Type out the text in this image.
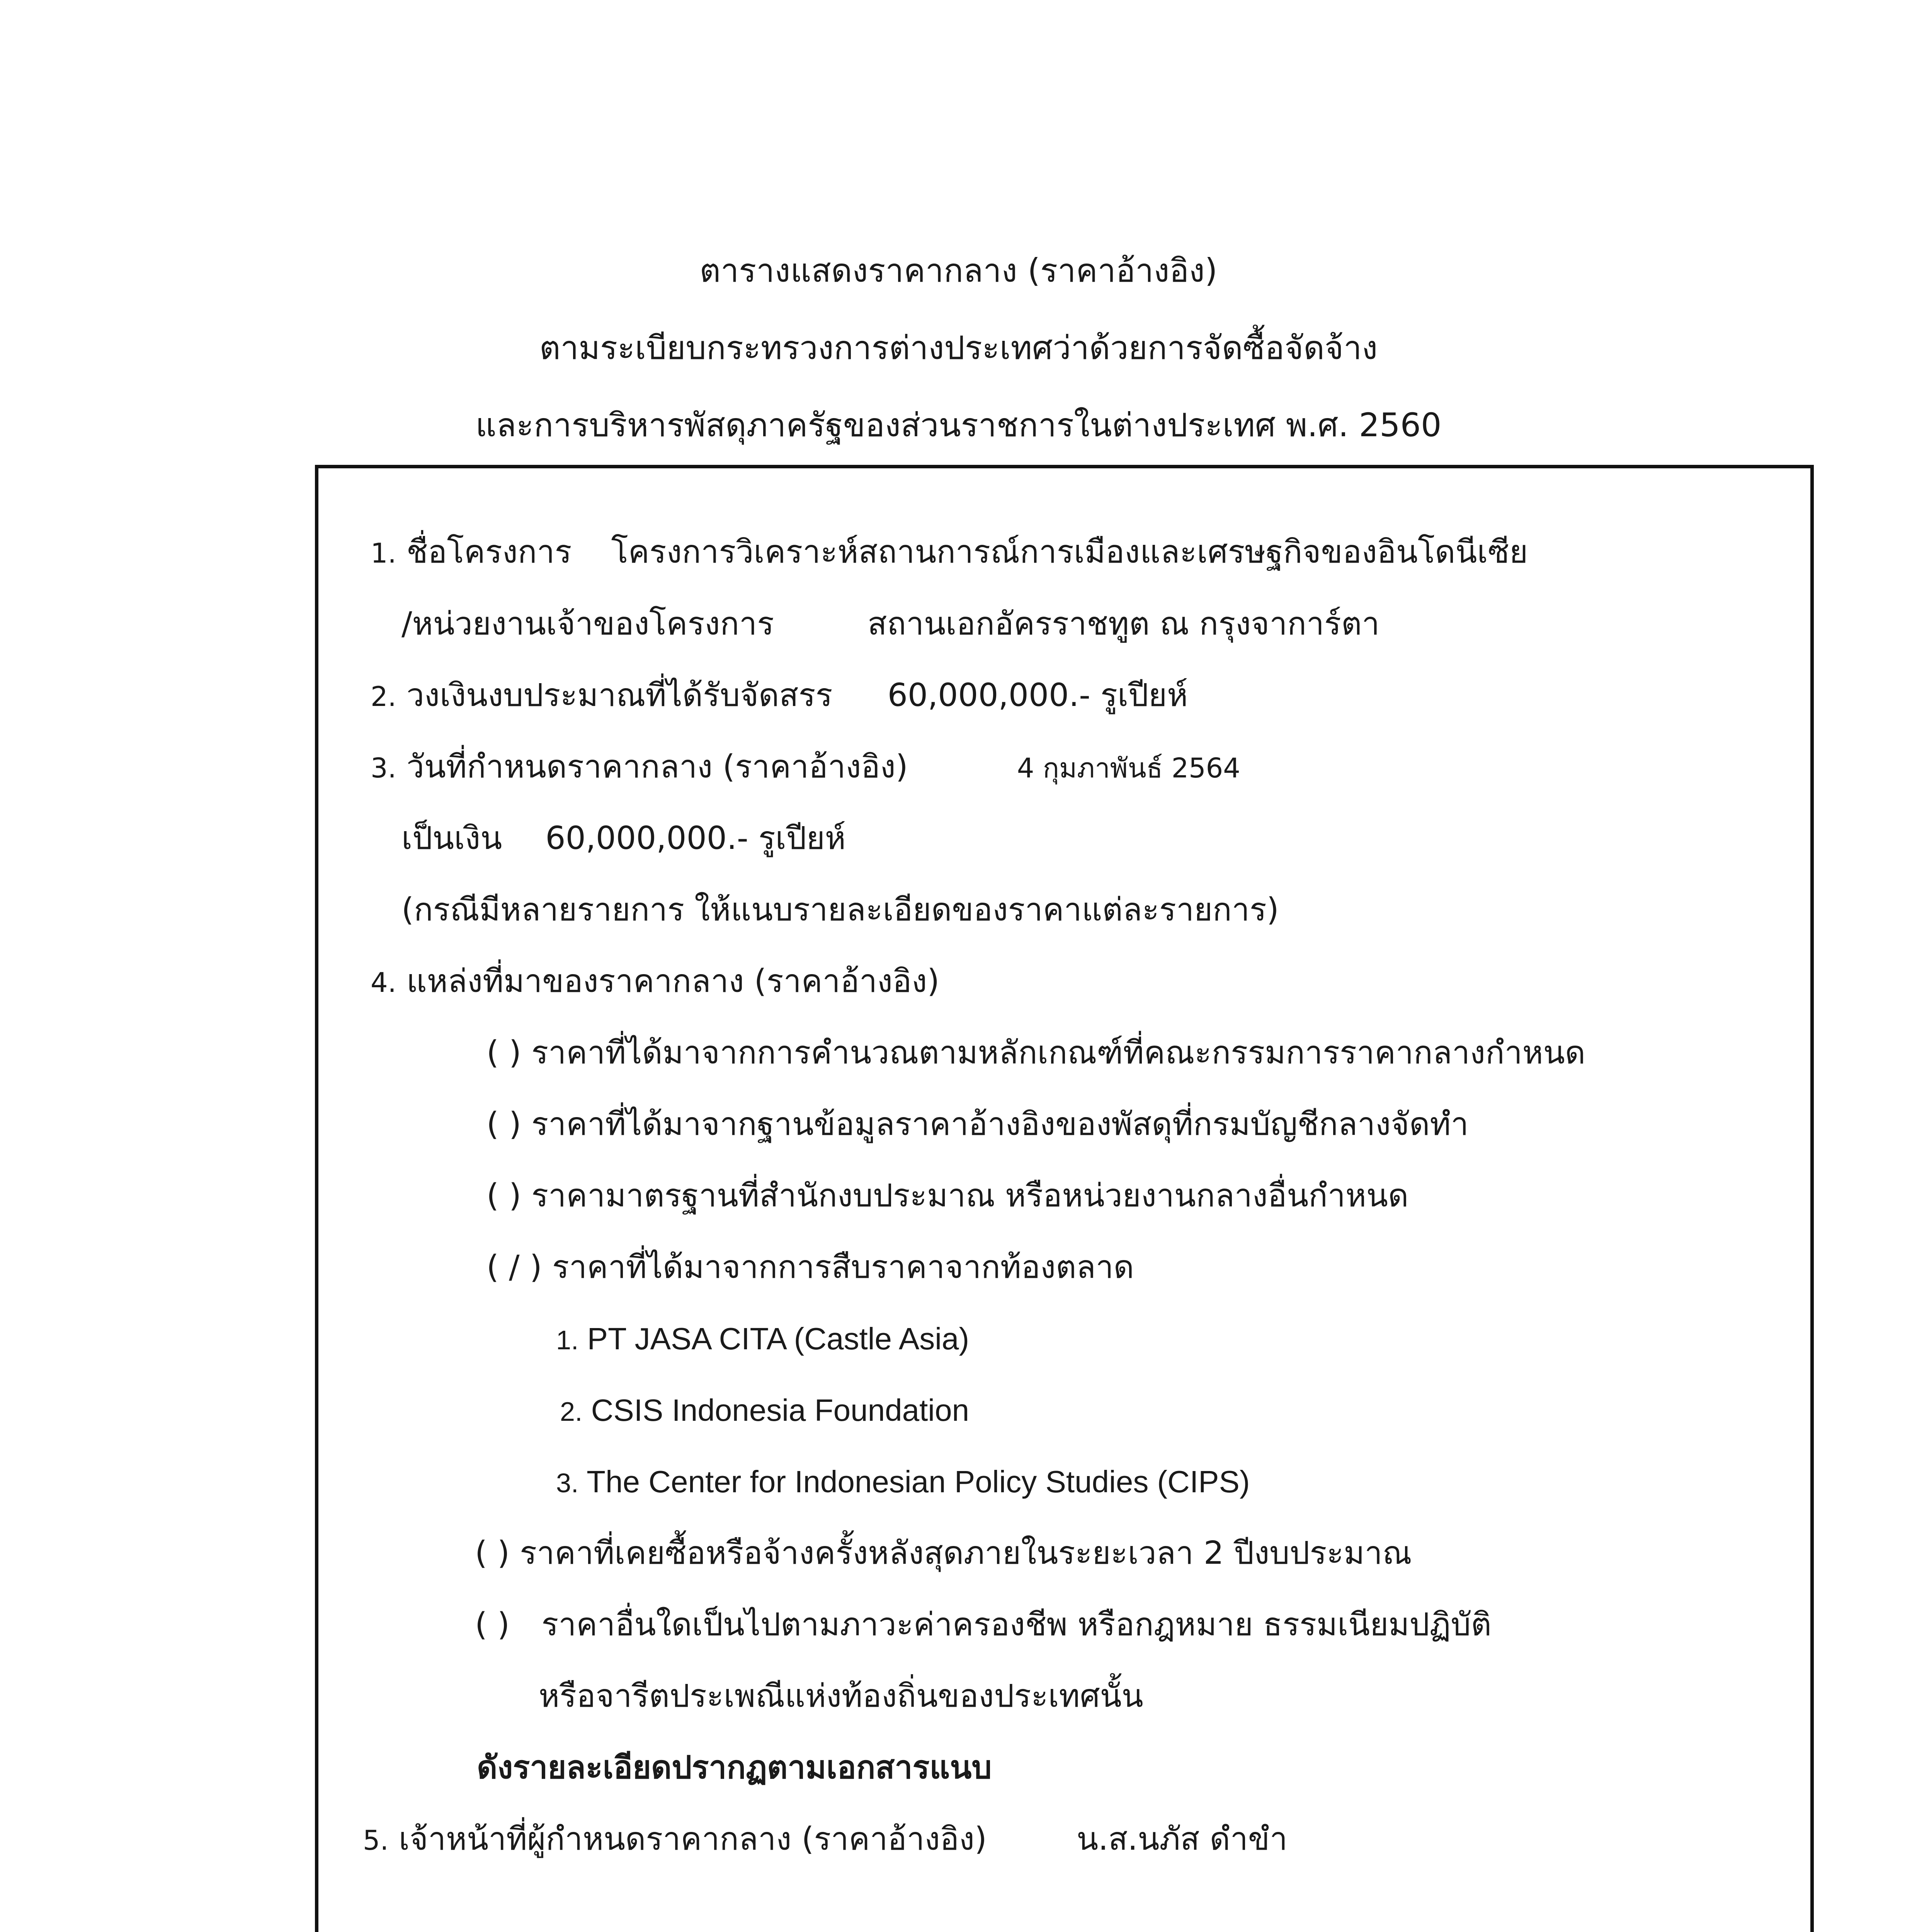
ตารางแสดงราคากลาง (ราคาอ้างอิง)
ตามระเบียบกระทรวงการต่างประเทศว่าด้วยการจัดซื้อจัดจ้าง
และการบริหารพัสดุภาครัฐของส่วนราชการในต่างประเทศ พ.ศ. 2560
1. ชื่อโครงการ โครงการวิเคราะห์สถานการณ์การเมืองและเศรษฐกิจของอินโดนีเซีย
/หน่วยงานเจ้าของโครงการ	สถานเอกอัครราชทูต ณ กรุงจาการ์ตา
2. วงเงินงบประมาณที่ได้รับจัดสรร 60,000,000.- รูเปียห์
3. วันที่กำหนดราคากลาง (ราคาอ้างอิง)	4 กุมภาพันธ์ 2564
เป็นเงิน 60,000,000.- รูเปียห์
(กรณีมีหลายรายการ ให้แนบรายละเอียดของราคาแต่ละรายการ)
4. แหล่งที่มาของราคากลาง (ราคาอ้างอิง)
( ) ราคาที่ได้มาจากการคำนวณตามหลักเกณฑ์ที่คณะกรรมการราคากลางกำหนด
( ) ราคาที่ได้มาจากฐานข้อมูลราคาอ้างอิงของพัสดุที่กรมบัญชีกลางจัดทำ
( ) ราคามาตรฐานที่สำนักงบประมาณ หรือหน่วยงานกลางอื่นกำหนด
( / ) ราคาที่ได้มาจากการสืบราคาจากท้องตลาด
1. PT JASA CITA (Castle Asia)
2. CSIS Indonesia Foundation
3. The Center for Indonesian Policy Studies (CIPS)
( ) ราคาที่เคยซื้อหรือจ้างครั้งหลังสุดภายในระยะเวลา 2 ปีงบประมาณ
( ) ราคาอื่นใดเป็นไปตามภาวะค่าครองชีพ หรือกฎหมาย ธรรมเนียมปฏิบัติ
หรือจารีตประเพณีแห่งท้องถิ่นของประเทศนั้น
ดังรายละเอียดปรากฏตามเอกสารแนบ
5. เจ้าหน้าที่ผู้กำหนดราคากลาง (ราคาอ้างอิง)	น.ส.นภัส ดำขำ
